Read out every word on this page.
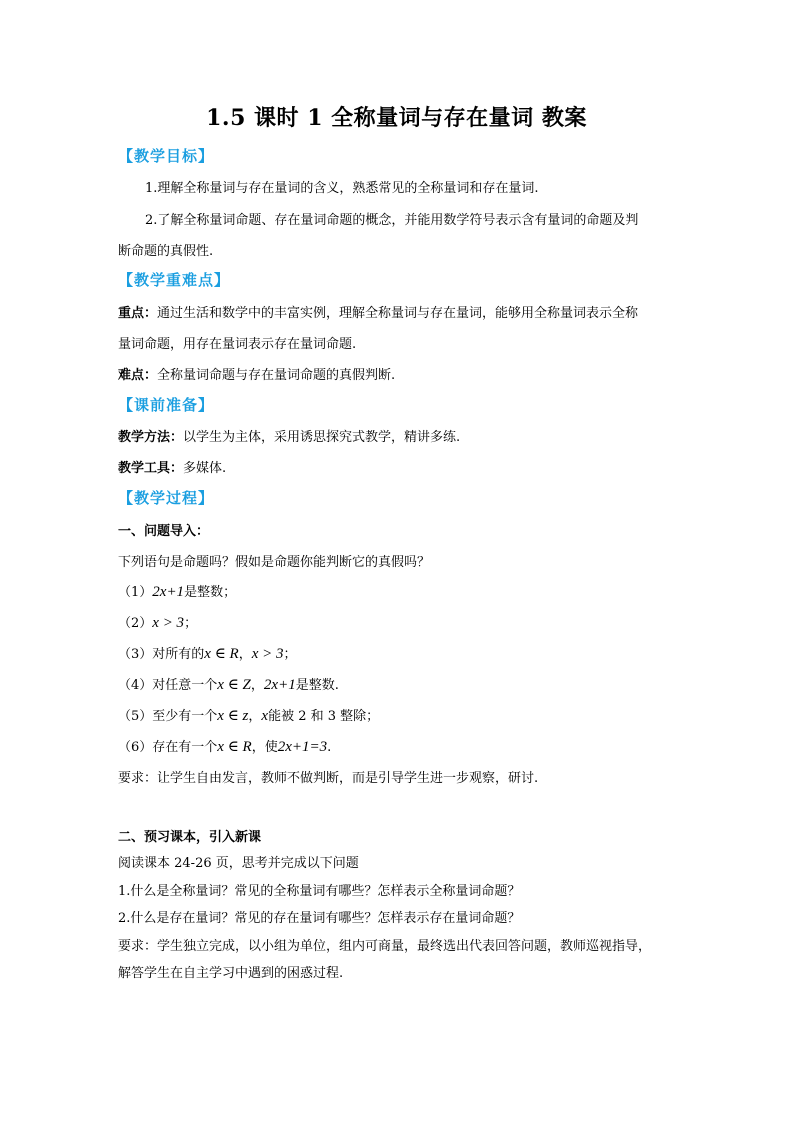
1.5 课时 1 全称量词与存在量词 教案
【教学目标】
1.理解全称量词与存在量词的含义，熟悉常见的全称量词和存在量词.
2.了解全称量词命题、存在量词命题的概念，并能用数学符号表示含有量词的命题及判
断命题的真假性.
【教学重难点】
重点：通过生活和数学中的丰富实例，理解全称量词与存在量词，能够用全称量词表示全称
量词命题，用存在量词表示存在量词命题.
难点：全称量词命题与存在量词命题的真假判断.
【课前准备】
教学方法：以学生为主体，采用诱思探究式教学，精讲多练.
教学工具：多媒体.
【教学过程】
一、问题导入：
下列语句是命题吗？假如是命题你能判断它的真假吗？
（1）2x+1是整数；
（2）x > 3；
（3）对所有的x ∈ R，x > 3；
（4）对任意一个x ∈ Z，2x+1是整数.
（5）至少有一个x ∈ z，x能被 2 和 3 整除；
（6）存在有一个x ∈ R，使2x+1=3.
要求：让学生自由发言，教师不做判断，而是引导学生进一步观察，研讨.
二、预习课本，引入新课
阅读课本 24-26 页，思考并完成以下问题
1.什么是全称量词？常见的全称量词有哪些？怎样表示全称量词命题？
2.什么是存在量词？常见的存在量词有哪些？怎样表示存在量词命题？
要求：学生独立完成，以小组为单位，组内可商量，最终选出代表回答问题，教师巡视指导，
解答学生在自主学习中遇到的困惑过程.
